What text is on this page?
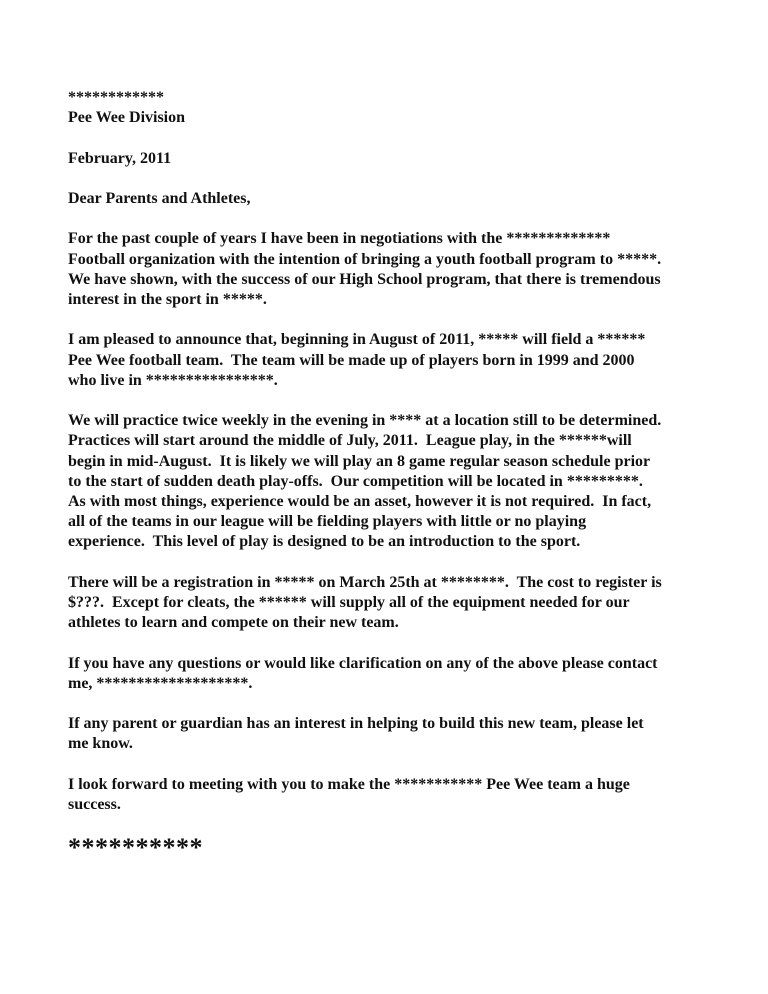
************
Pee Wee Division
February, 2011
Dear Parents and Athletes,
For the past couple of years I have been in negotiations with the *************
Football organization with the intention of bringing a youth football program to *****.
We have shown, with the success of our High School program, that there is tremendous
interest in the sport in *****.
I am pleased to announce that, beginning in August of 2011, ***** will field a ******
Pee Wee football team.  The team will be made up of players born in 1999 and 2000
who live in ****************.
We will practice twice weekly in the evening in **** at a location still to be determined.
Practices will start around the middle of July, 2011.  League play, in the ******will
begin in mid-August.  It is likely we will play an 8 game regular season schedule prior
to the start of sudden death play-offs.  Our competition will be located in *********.
As with most things, experience would be an asset, however it is not required.  In fact,
all of the teams in our league will be fielding players with little or no playing
experience.  This level of play is designed to be an introduction to the sport.
There will be a registration in ***** on March 25th at ********.  The cost to register is
$???.  Except for cleats, the ****** will supply all of the equipment needed for our
athletes to learn and compete on their new team.
If you have any questions or would like clarification on any of the above please contact
me, *******************.
If any parent or guardian has an interest in helping to build this new team, please let
me know.
I look forward to meeting with you to make the *********** Pee Wee team a huge
success.
**********
